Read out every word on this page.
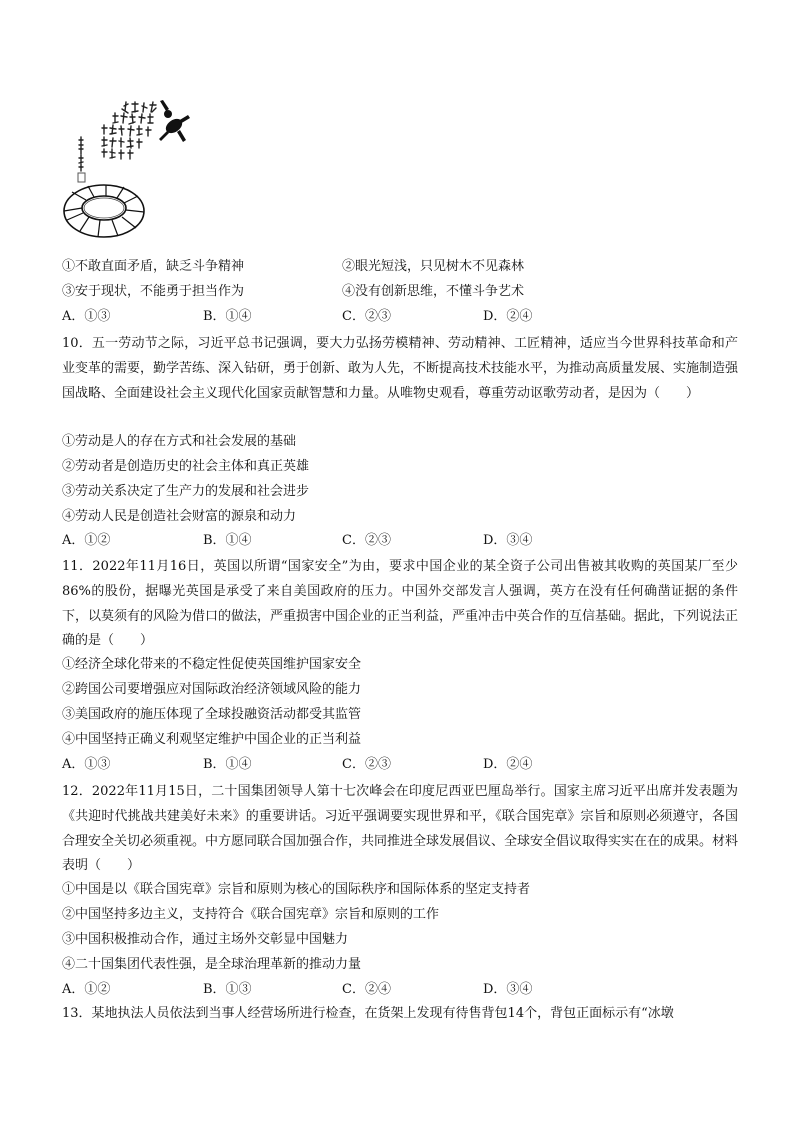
①不敢直面矛盾，缺乏斗争精神	②眼光短浅，只见树木不见森林
③安于现状，不能勇于担当作为	④没有创新思维，不懂斗争艺术
A．①③	B．①④	C．②③	D．②④
10．五一劳动节之际，习近平总书记强调，要大力弘扬劳模精神、劳动精神、工匠精神，适应当今世界科技革命和产业变革的需要，勤学苦练、深入钻研，勇于创新、敢为人先，不断提高技术技能水平，为推动高质量发展、实施制造强国战略、全面建设社会主义现代化国家贡献智慧和力量。从唯物史观看，尊重劳动讴歌劳动者，是因为（　　）
①劳动是人的存在方式和社会发展的基础
②劳动者是创造历史的社会主体和真正英雄
③劳动关系决定了生产力的发展和社会进步
④劳动人民是创造社会财富的源泉和动力
A．①②	B．①④	C．②③	D．③④
11．2022年11月16日，英国以所谓“国家安全”为由，要求中国企业的某全资子公司出售被其收购的英国某厂至少86%的股份，据曝光英国是承受了来自美国政府的压力。中国外交部发言人强调，英方在没有任何确凿证据的条件下，以莫须有的风险为借口的做法，严重损害中国企业的正当利益，严重冲击中英合作的互信基础。据此，下列说法正确的是（　　）
①经济全球化带来的不稳定性促使英国维护国家安全
②跨国公司要增强应对国际政治经济领域风险的能力
③美国政府的施压体现了全球投融资活动都受其监管
④中国坚持正确义利观坚定维护中国企业的正当利益
A．①③	B．①④	C．②③	D．②④
12．2022年11月15日，二十国集团领导人第十七次峰会在印度尼西亚巴厘岛举行。国家主席习近平出席并发表题为《共迎时代挑战共建美好未来》的重要讲话。习近平强调要实现世界和平，《联合国宪章》宗旨和原则必须遵守，各国合理安全关切必须重视。中方愿同联合国加强合作，共同推进全球发展倡议、全球安全倡议取得实实在在的成果。材料表明（　　）
①中国是以《联合国宪章》宗旨和原则为核心的国际秩序和国际体系的坚定支持者
②中国坚持多边主义，支持符合《联合国宪章》宗旨和原则的工作
③中国积极推动合作，通过主场外交彰显中国魅力
④二十国集团代表性强，是全球治理革新的推动力量
A．①②	B．①③	C．②④	D．③④
13．某地执法人员依法到当事人经营场所进行检查，在货架上发现有待售背包14个，背包正面标示有“冰墩
